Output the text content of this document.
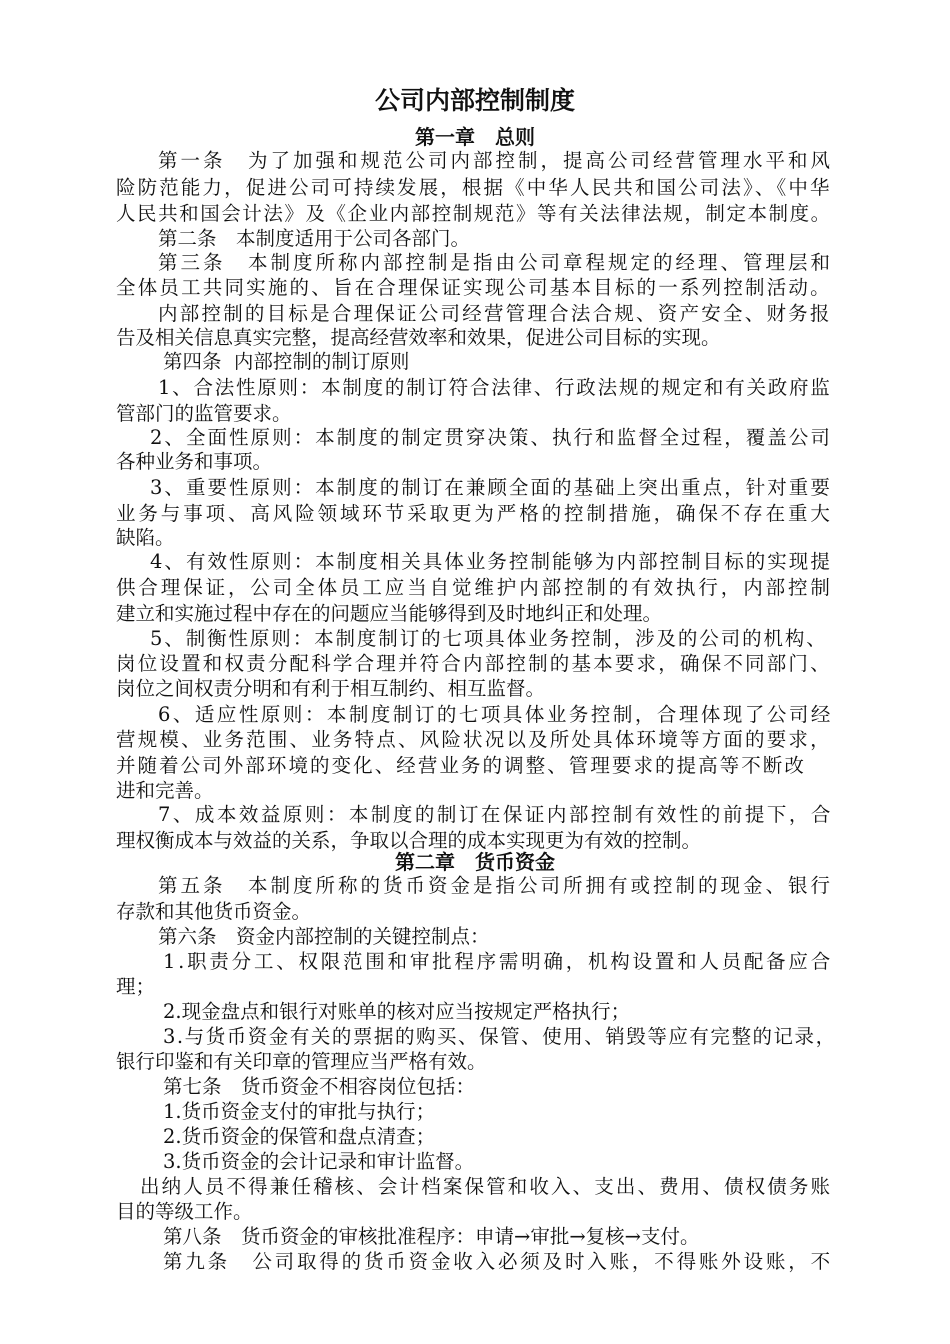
公司内部控制制度
第一章　总则
第二章　货币资金
第一条　为了加强和规范公司内部控制，提高公司经营管理水平和风
险防范能力，促进公司可持续发展，根据《中华人民共和国公司法》、《中华
人民共和国会计法》及《企业内部控制规范》等有关法律法规，制定本制度。
第二条　本制度适用于公司各部门。
第三条　本制度所称内部控制是指由公司章程规定的经理、管理层和
全体员工共同实施的、旨在合理保证实现公司基本目标的一系列控制活动。
内部控制的目标是合理保证公司经营管理合法合规、资产安全、财务报
告及相关信息真实完整，提高经营效率和效果，促进公司目标的实现。
第四条  内部控制的制订原则
1、合法性原则：本制度的制订符合法律、行政法规的规定和有关政府监
管部门的监管要求。
2、全面性原则：本制度的制定贯穿决策、执行和监督全过程，覆盖公司
各种业务和事项。
3、重要性原则：本制度的制订在兼顾全面的基础上突出重点，针对重要
业务与事项、高风险领域环节采取更为严格的控制措施，确保不存在重大
缺陷。
4、有效性原则：本制度相关具体业务控制能够为内部控制目标的实现提
供合理保证，公司全体员工应当自觉维护内部控制的有效执行，内部控制
建立和实施过程中存在的问题应当能够得到及时地纠正和处理。
5、制衡性原则：本制度制订的七项具体业务控制，涉及的公司的机构、
岗位设置和权责分配科学合理并符合内部控制的基本要求，确保不同部门、
岗位之间权责分明和有利于相互制约、相互监督。
6、适应性原则：本制度制订的七项具体业务控制，合理体现了公司经
营规模、业务范围、业务特点、风险状况以及所处具体环境等方面的要求，
并随着公司外部环境的变化、经营业务的调整、管理要求的提高等不断改
进和完善。
7、成本效益原则：本制度的制订在保证内部控制有效性的前提下，合
理权衡成本与效益的关系，争取以合理的成本实现更为有效的控制。
第五条　本制度所称的货币资金是指公司所拥有或控制的现金、银行
存款和其他货币资金。
第六条　资金内部控制的关键控制点：
1.职责分工、权限范围和审批程序需明确，机构设置和人员配备应合
理；
2.现金盘点和银行对账单的核对应当按规定严格执行；
3.与货币资金有关的票据的购买、保管、使用、销毁等应有完整的记录，
银行印鉴和有关印章的管理应当严格有效。
第七条　货币资金不相容岗位包括：
1.货币资金支付的审批与执行；
2.货币资金的保管和盘点清查；
3.货币资金的会计记录和审计监督。
出纳人员不得兼任稽核、会计档案保管和收入、支出、费用、债权债务账
目的等级工作。
第八条　货币资金的审核批准程序：申请→审批→复核→支付。
第九条　公司取得的货币资金收入必须及时入账，不得账外设账，不
